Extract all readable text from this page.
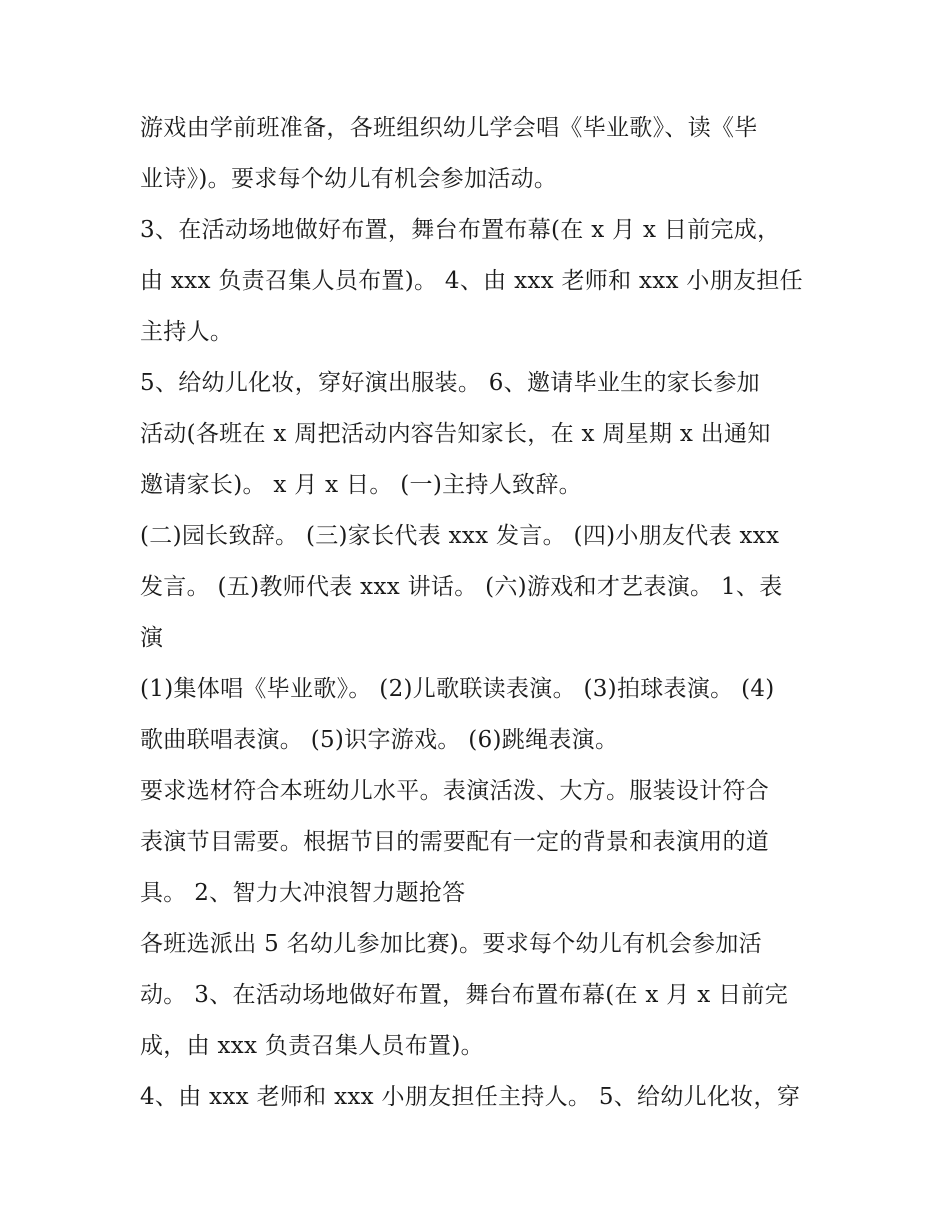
游戏由学前班准备，各班组织幼儿学会唱《毕业歌》、读《毕
业诗》)。要求每个幼儿有机会参加活动。
3、在活动场地做好布置，舞台布置布幕(在 x 月 x 日前完成，
由 xxx 负责召集人员布置)。 4、由 xxx 老师和 xxx 小朋友担任
主持人。
5、给幼儿化妆，穿好演出服装。 6、邀请毕业生的家长参加
活动(各班在 x 周把活动内容告知家长，在 x 周星期 x 出通知
邀请家长)。 x 月 x 日。 (一)主持人致辞。
(二)园长致辞。 (三)家长代表 xxx 发言。 (四)小朋友代表 xxx
发言。 (五)教师代表 xxx 讲话。 (六)游戏和才艺表演。 1、表
演
(1)集体唱《毕业歌》。 (2)儿歌联读表演。 (3)拍球表演。 (4)
歌曲联唱表演。 (5)识字游戏。 (6)跳绳表演。
要求选材符合本班幼儿水平。表演活泼、大方。服装设计符合
表演节目需要。根据节目的需要配有一定的背景和表演用的道
具。 2、智力大冲浪智力题抢答
各班选派出 5 名幼儿参加比赛)。要求每个幼儿有机会参加活
动。 3、在活动场地做好布置，舞台布置布幕(在 x 月 x 日前完
成，由 xxx 负责召集人员布置)。
4、由 xxx 老师和 xxx 小朋友担任主持人。 5、给幼儿化妆，穿
